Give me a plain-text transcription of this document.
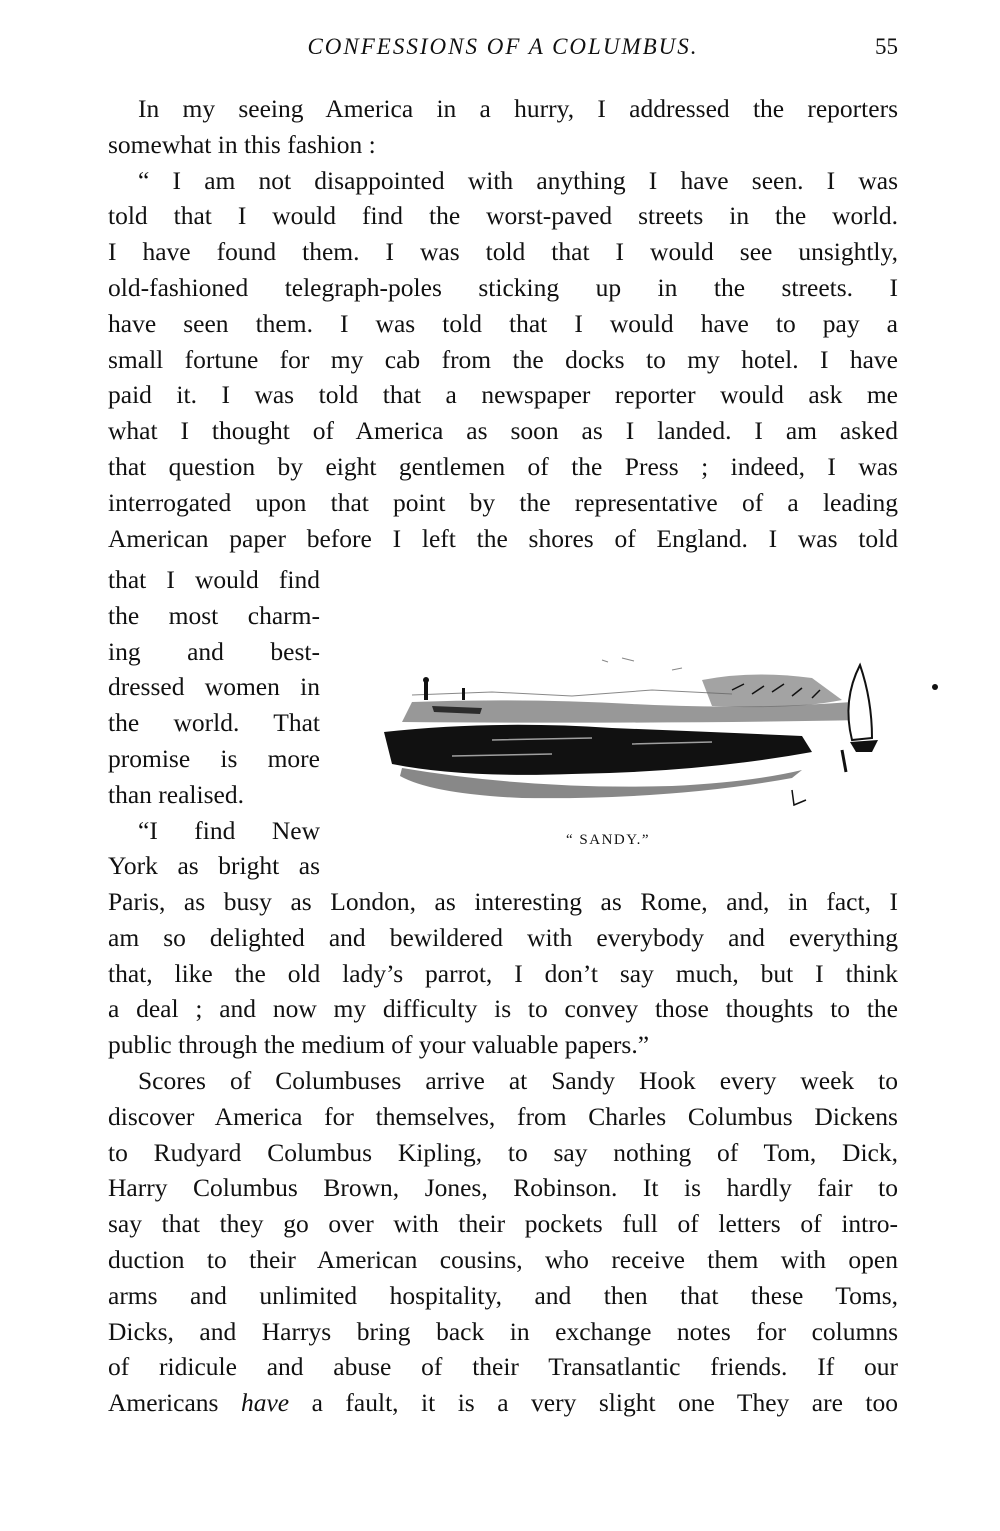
CONFESSIONS OF A COLUMBUS.	55
In my seeing America in a hurry, I addressed the reporters
somewhat in this fashion :
“ I am not disappointed with anything I have seen. I was
told that I would find the worst-paved streets in the world.
I have found them. I was told that I would see unsightly,
old-fashioned telegraph-poles sticking up in the streets. I
have seen them. I was told that I would have to pay a
small fortune for my cab from the docks to my hotel. I have
paid it. I was told that a newspaper reporter would ask me
what I thought of America as soon as I landed. I am asked
that question by eight gentlemen of the Press ; indeed, I was
interrogated upon that point by the representative of a leading
American paper before I left the shores of England. I was told
that I would find
the most charm-
ing and best-
dressed women in
the world. That
promise is more
than realised.
“I find New
York as bright as
“ SANDY.”
Paris, as busy as London, as interesting as Rome, and, in fact, I
am so delighted and bewildered with everybody and everything
that, like the old lady’s parrot, I don’t say much, but I think
a deal ; and now my difficulty is to convey those thoughts to the
public through the medium of your valuable papers.”
Scores of Columbuses arrive at Sandy Hook every week to
discover America for themselves, from Charles Columbus Dickens
to Rudyard Columbus Kipling, to say nothing of Tom, Dick,
Harry Columbus Brown, Jones, Robinson. It is hardly fair to
say that they go over with their pockets full of letters of intro-
duction to their American cousins, who receive them with open
arms and unlimited hospitality, and then that these Toms,
Dicks, and Harrys bring back in exchange notes for columns
of ridicule and abuse of their Transatlantic friends. If our
Americans have a fault, it is a very slight one They are too
